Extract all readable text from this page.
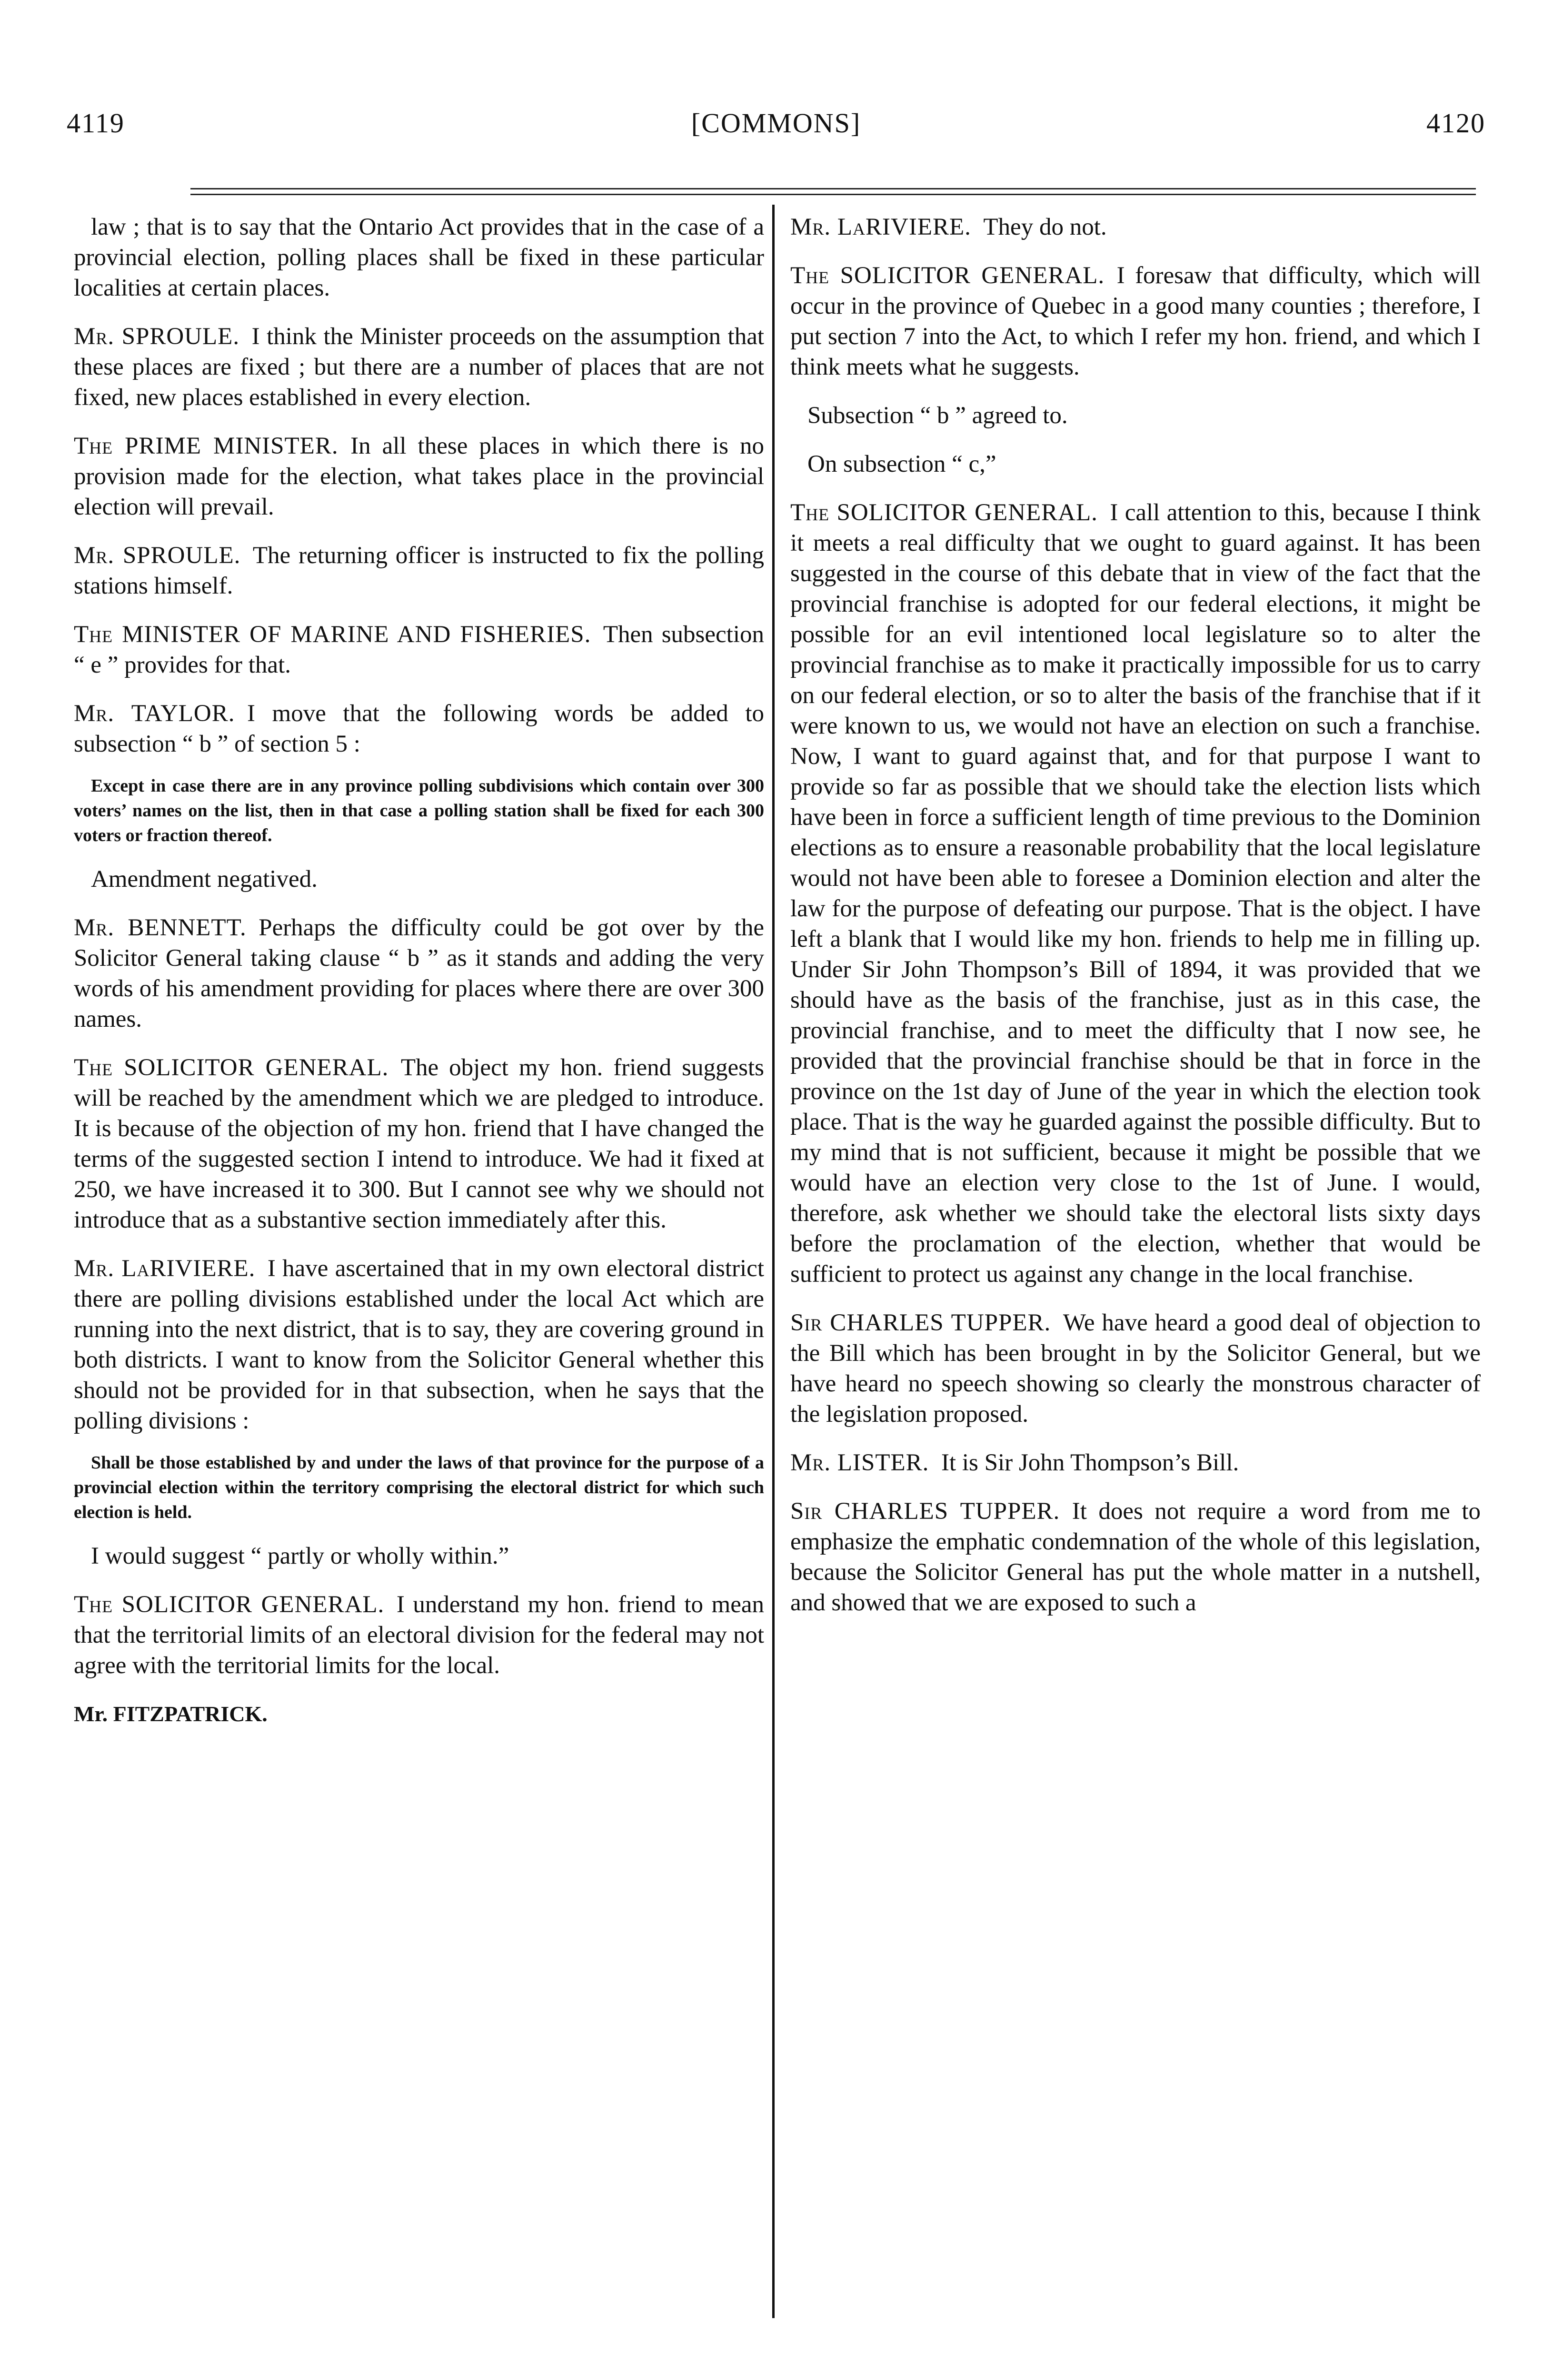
4119	[COMMONS]	4120

law ; that is to say that the Ontario Act provides that in the case of a provincial election, polling places shall be fixed in these particular localities at certain places.

Mr. SPROULE.  I think the Minister proceeds on the assumption that these places are fixed ; but there are a number of places that are not fixed, new places established in every election.

The PRIME MINISTER.  In all these places in which there is no provision made for the election, what takes place in the provincial election will prevail.

Mr. SPROULE.  The returning officer is instructed to fix the polling stations himself.

The MINISTER OF MARINE AND FISHERIES.  Then subsection “ e ” provides for that.

Mr. TAYLOR.  I move that the following words be added to subsection “ b ” of section 5 :

Except in case there are in any province polling subdivisions which contain over 300 voters’ names on the list, then in that case a polling station shall be fixed for each 300 voters or fraction thereof.

Amendment negatived.

Mr. BENNETT.  Perhaps the difficulty could be got over by the Solicitor General taking clause “ b ” as it stands and adding the very words of his amendment providing for places where there are over 300 names.

The SOLICITOR GENERAL.  The object my hon. friend suggests will be reached by the amendment which we are pledged to introduce. It is because of the objection of my hon. friend that I have changed the terms of the suggested section I intend to introduce. We had it fixed at 250, we have increased it to 300. But I cannot see why we should not introduce that as a substantive section immediately after this.

Mr. LaRIVIERE.  I have ascertained that in my own electoral district there are polling divisions established under the local Act which are running into the next district, that is to say, they are covering ground in both districts. I want to know from the Solicitor General whether this should not be provided for in that subsection, when he says that the polling divisions :

Shall be those established by and under the laws of that province for the purpose of a provincial election within the territory comprising the electoral district for which such election is held.

I would suggest “ partly or wholly within.”

The SOLICITOR GENERAL.  I understand my hon. friend to mean that the territorial limits of an electoral division for the federal may not agree with the territorial limits for the local.

Mr. FITZPATRICK.

Mr. LaRIVIERE.  They do not.

The SOLICITOR GENERAL.  I foresaw that difficulty, which will occur in the province of Quebec in a good many counties ; therefore, I put section 7 into the Act, to which I refer my hon. friend, and which I think meets what he suggests.

Subsection “ b ” agreed to.

On subsection “ c,”

The SOLICITOR GENERAL.  I call attention to this, because I think it meets a real difficulty that we ought to guard against. It has been suggested in the course of this debate that in view of the fact that the provincial franchise is adopted for our federal elections, it might be possible for an evil intentioned local legislature so to alter the provincial franchise as to make it practically impossible for us to carry on our federal election, or so to alter the basis of the franchise that if it were known to us, we would not have an election on such a franchise. Now, I want to guard against that, and for that purpose I want to provide so far as possible that we should take the election lists which have been in force a sufficient length of time previous to the Dominion elections as to ensure a reasonable probability that the local legislature would not have been able to foresee a Dominion election and alter the law for the purpose of defeating our purpose. That is the object. I have left a blank that I would like my hon. friends to help me in filling up. Under Sir John Thompson’s Bill of 1894, it was provided that we should have as the basis of the franchise, just as in this case, the provincial franchise, and to meet the difficulty that I now see, he provided that the provincial franchise should be that in force in the province on the 1st day of June of the year in which the election took place. That is the way he guarded against the possible difficulty. But to my mind that is not sufficient, because it might be possible that we would have an election very close to the 1st of June. I would, therefore, ask whether we should take the electoral lists sixty days before the proclamation of the election, whether that would be sufficient to protect us against any change in the local franchise.

Sir CHARLES TUPPER.  We have heard a good deal of objection to the Bill which has been brought in by the Solicitor General, but we have heard no speech showing so clearly the monstrous character of the legislation proposed.

Mr. LISTER.  It is Sir John Thompson’s Bill.

Sir CHARLES TUPPER.  It does not require a word from me to emphasize the emphatic condemnation of the whole of this legislation, because the Solicitor General has put the whole matter in a nutshell, and showed that we are exposed to such a
